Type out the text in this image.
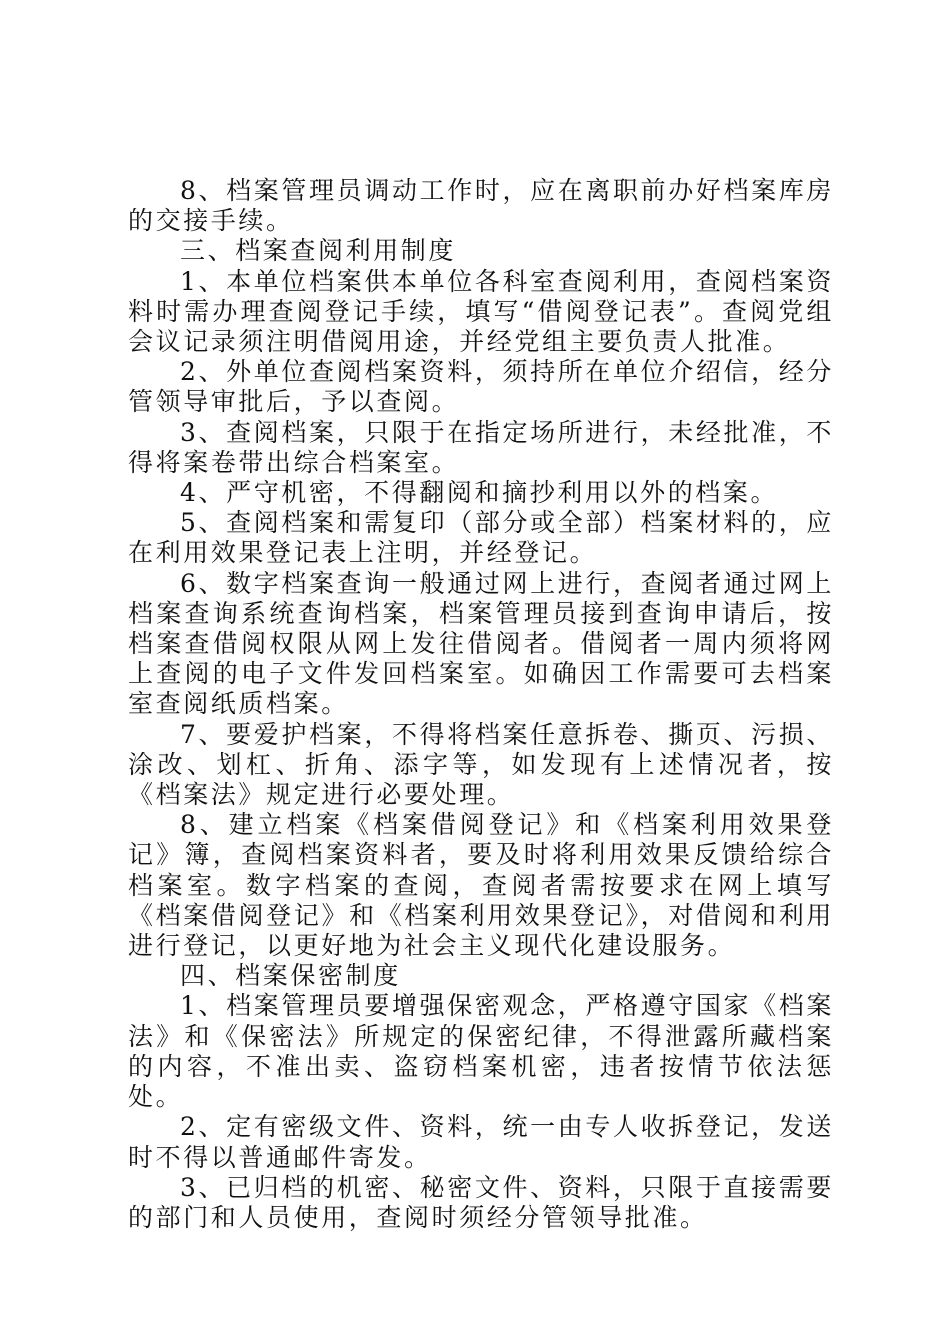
8、档案管理员调动工作时，应在离职前办好档案库房的交接手续。

三、档案查阅利用制度

1、本单位档案供本单位各科室查阅利用，查阅档案资料时需办理查阅登记手续，填写“借阅登记表”。查阅党组会议记录须注明借阅用途，并经党组主要负责人批准。

2、外单位查阅档案资料，须持所在单位介绍信，经分管领导审批后，予以查阅。

3、查阅档案，只限于在指定场所进行，未经批准，不得将案卷带出综合档案室。

4、严守机密，不得翻阅和摘抄利用以外的档案。

5、查阅档案和需复印（部分或全部）档案材料的，应在利用效果登记表上注明，并经登记。

6、数字档案查询一般通过网上进行，查阅者通过网上档案查询系统查询档案，档案管理员接到查询申请后，按档案查借阅权限从网上发往借阅者。借阅者一周内须将网上查阅的电子文件发回档案室。如确因工作需要可去档案室查阅纸质档案。

7、要爱护档案，不得将档案任意拆卷、撕页、污损、涂改、划杠、折角、添字等，如发现有上述情况者，按《档案法》规定进行必要处理。

8、建立档案《档案借阅登记》和《档案利用效果登记》簿，查阅档案资料者，要及时将利用效果反馈给综合档案室。数字档案的查阅，查阅者需按要求在网上填写《档案借阅登记》和《档案利用效果登记》，对借阅和利用进行登记，以更好地为社会主义现代化建设服务。

四、档案保密制度

1、档案管理员要增强保密观念，严格遵守国家《档案法》和《保密法》所规定的保密纪律，不得泄露所藏档案的内容，不准出卖、盗窃档案机密，违者按情节依法惩处。

2、定有密级文件、资料，统一由专人收拆登记，发送时不得以普通邮件寄发。

3、已归档的机密、秘密文件、资料，只限于直接需要的部门和人员使用，查阅时须经分管领导批准。
